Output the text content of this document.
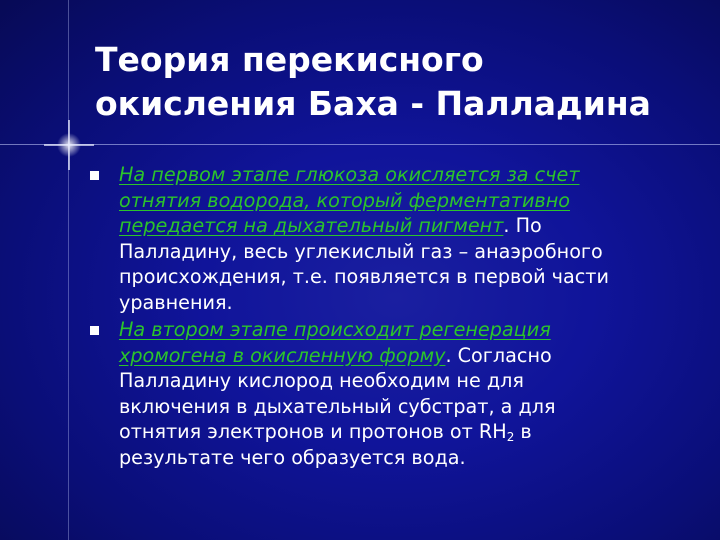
Теория перекисного
окисления Баха - Палладина
На первом этапе глюкоза окисляется за счет
отнятия водорода, который ферментативно
передается на дыхательный пигмент. По
Палладину, весь углекислый газ – анаэробного
происхождения, т.е. появляется в первой части
уравнения.
На втором этапе происходит регенерация
хромогена в окисленную форму. Согласно
Палладину кислород необходим не для
включения в дыхательный субстрат, а для
отнятия электронов и протонов от $RH_2$ в
результате чего образуется вода.
